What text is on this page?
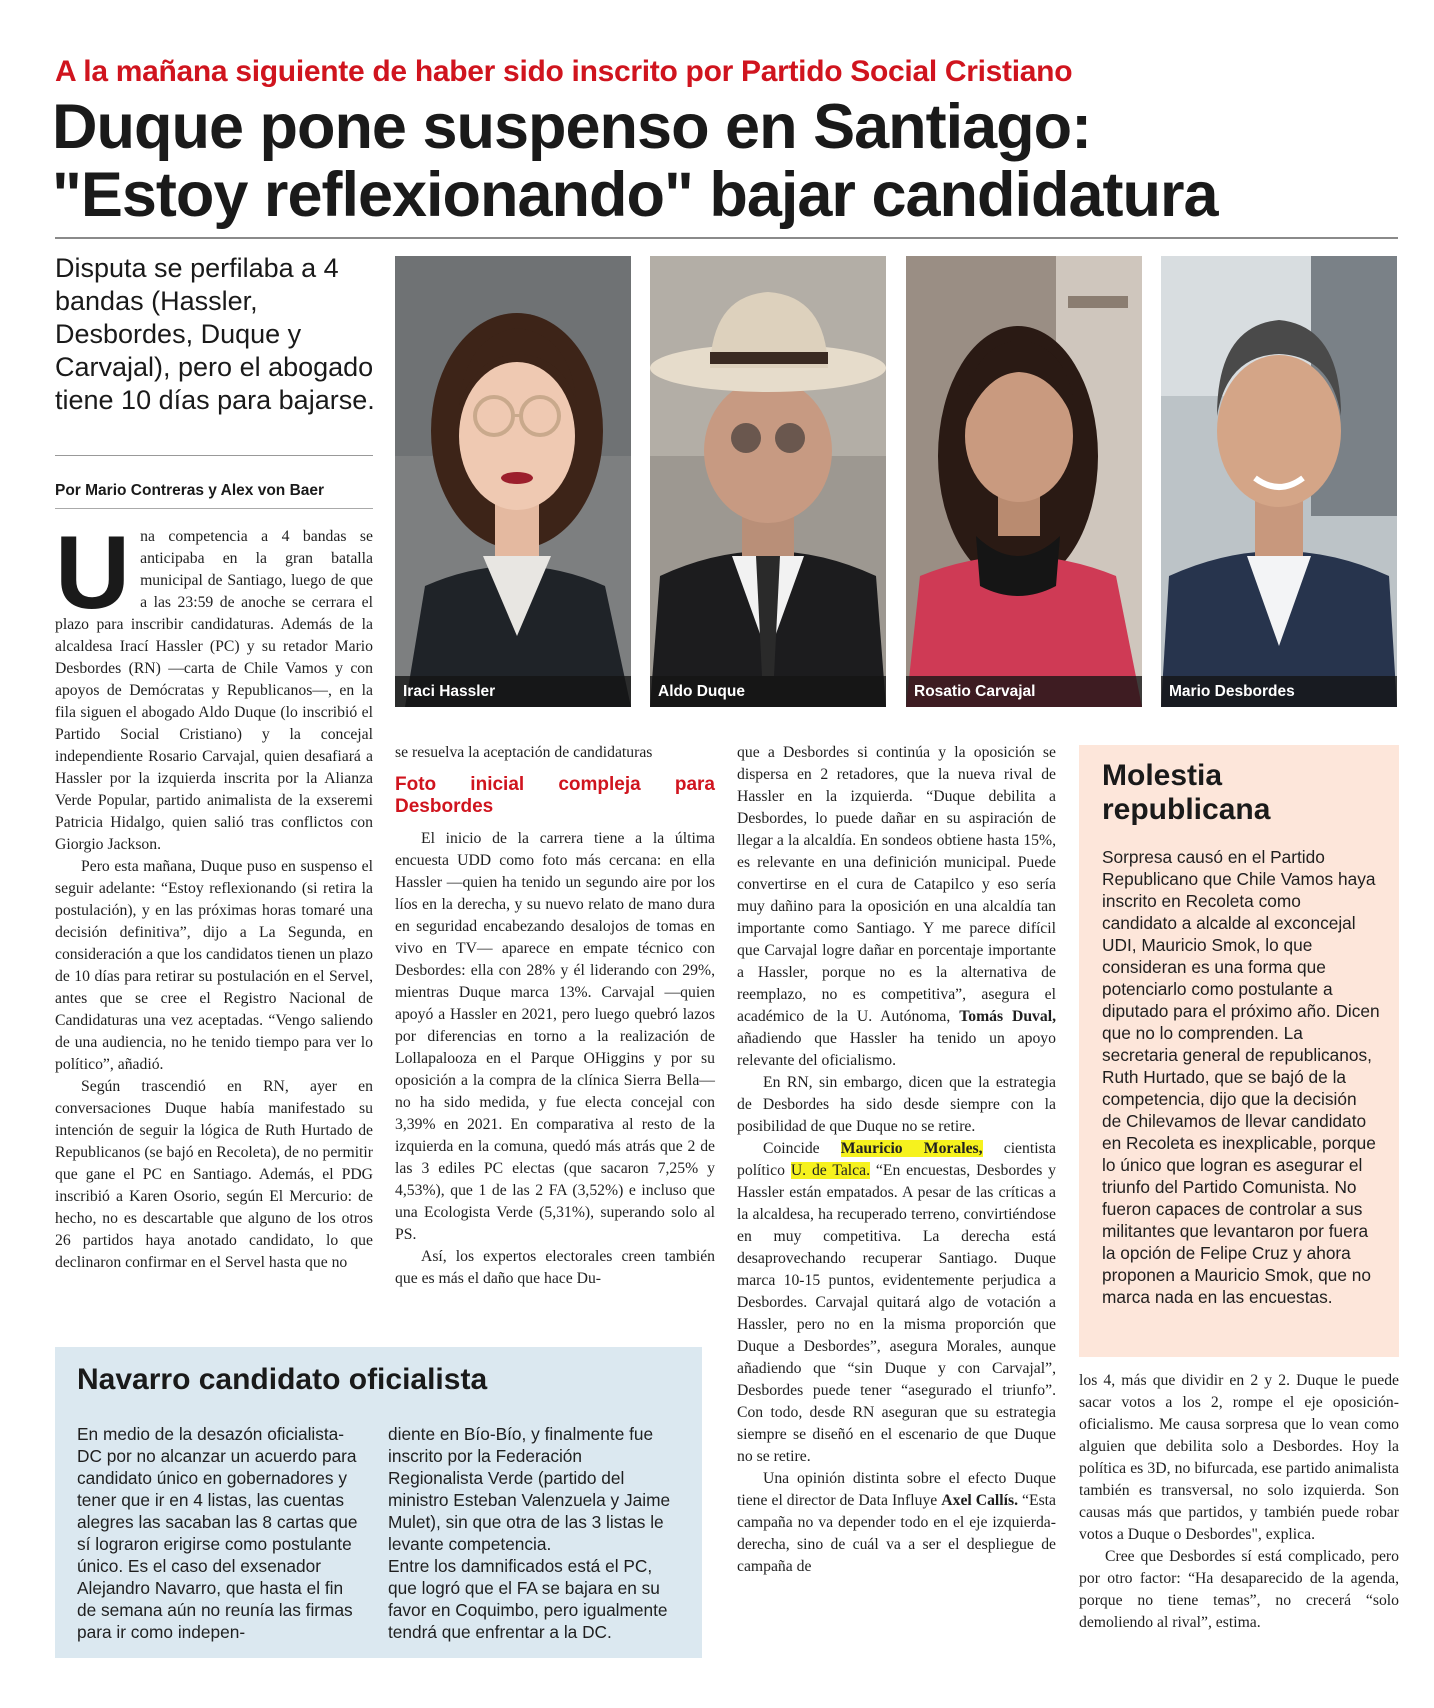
A la mañana siguiente de haber sido inscrito por Partido Social Cristiano
Duque pone suspenso en Santiago:
"Estoy reflexionando" bajar candidatura
Disputa se perfilaba a 4 bandas (Hassler, Desbordes, Duque y Carvajal), pero el abogado tiene 10 días para bajarse.
Por Mario Contreras y Alex von Baer
Iraci Hassler	Aldo Duque	Rosatio Carvajal	Mario Desbordes

Una competencia a 4 bandas se anticipaba en la gran batalla municipal de Santiago, luego de que a las 23:59 de anoche se cerrara el plazo para inscribir candidaturas. Además de la alcaldesa Irací Hassler (PC) y su retador Mario Desbordes (RN) —carta de Chile Vamos y con apoyos de Demócratas y Republicanos—, en la fila siguen el abogado Aldo Duque (lo inscribió el Partido Social Cristiano) y la concejal independiente Rosario Carvajal, quien desafiará a Hassler por la izquierda inscrita por la Alianza Verde Popular, partido animalista de la exseremi Patricia Hidalgo, quien salió tras conflictos con Giorgio Jackson.

Pero esta mañana, Duque puso en suspenso el seguir adelante: “Estoy reflexionando (si retira la postulación), y en las próximas horas tomaré una decisión definitiva”, dijo a La Segunda, en consideración a que los candidatos tienen un plazo de 10 días para retirar su postulación en el Servel, antes que se cree el Registro Nacional de Candidaturas una vez aceptadas. “Vengo saliendo de una audiencia, no he tenido tiempo para ver lo político”, añadió.

Según trascendió en RN, ayer en conversaciones Duque había manifestado su intención de seguir la lógica de Ruth Hurtado de Republicanos (se bajó en Recoleta), de no permitir que gane el PC en Santiago. Además, el PDG inscribió a Karen Osorio, según El Mercurio: de hecho, no es descartable que alguno de los otros 26 partidos haya anotado candidato, lo que declinaron confirmar en el Servel hasta que no

se resuelva la aceptación de candidaturas

Foto inicial compleja para Desbordes

El inicio de la carrera tiene a la última encuesta UDD como foto más cercana: en ella Hassler —quien ha tenido un segundo aire por los líos en la derecha, y su nuevo relato de mano dura en seguridad encabezando desalojos de tomas en vivo en TV— aparece en empate técnico con Desbordes: ella con 28% y él liderando con 29%, mientras Duque marca 13%. Carvajal —quien apoyó a Hassler en 2021, pero luego quebró lazos por diferencias en torno a la realización de Lollapalooza en el Parque OHiggins y por su oposición a la compra de la clínica Sierra Bella— no ha sido medida, y fue electa concejal con 3,39% en 2021. En comparativa al resto de la izquierda en la comuna, quedó más atrás que 2 de las 3 ediles PC electas (que sacaron 7,25% y 4,53%), que 1 de las 2 FA (3,52%) e incluso que una Ecologista Verde (5,31%), superando solo al PS.

Así, los expertos electorales creen también que es más el daño que hace Du-

que a Desbordes si continúa y la oposición se dispersa en 2 retadores, que la nueva rival de Hassler en la izquierda. “Duque debilita a Desbordes, lo puede dañar en su aspiración de llegar a la alcaldía. En sondeos obtiene hasta 15%, es relevante en una definición municipal. Puede convertirse en el cura de Catapilco y eso sería muy dañino para la oposición en una alcaldía tan importante como Santiago. Y me parece difícil que Carvajal logre dañar en porcentaje importante a Hassler, porque no es la alternativa de reemplazo, no es competitiva”, asegura el académico de la U. Autónoma, Tomás Duval, añadiendo que Hassler ha tenido un apoyo relevante del oficialismo.

En RN, sin embargo, dicen que la estrategia de Desbordes ha sido desde siempre con la posibilidad de que Duque no se retire.

Coincide Mauricio Morales, cientista político U. de Talca. “En encuestas, Desbordes y Hassler están empatados. A pesar de las críticas a la alcaldesa, ha recuperado terreno, convirtiéndose en muy competitiva. La derecha está desaprovechando recuperar Santiago. Duque marca 10-15 puntos, evidentemente perjudica a Desbordes. Carvajal quitará algo de votación a Hassler, pero no en la misma proporción que Duque a Desbordes”, asegura Morales, aunque añadiendo que “sin Duque y con Carvajal”, Desbordes puede tener “asegurado el triunfo”. Con todo, desde RN aseguran que su estrategia siempre se diseñó en el escenario de que Duque no se retire.

Una opinión distinta sobre el efecto Duque tiene el director de Data Influye Axel Callís. “Esta campaña no va depender todo en el eje izquierda-derecha, sino de cuál va a ser el despliegue de campaña de

los 4, más que dividir en 2 y 2. Duque le puede sacar votos a los 2, rompe el eje oposición-oficialismo. Me causa sorpresa que lo vean como alguien que debilita solo a Desbordes. Hoy la política es 3D, no bifurcada, ese partido animalista también es transversal, no solo izquierda. Son causas más que partidos, y también puede robar votos a Duque o Desbordes", explica.

Cree que Desbordes sí está complicado, pero por otro factor: “Ha desaparecido de la agenda, porque no tiene temas”, no crecerá “solo demoliendo al rival”, estima.

Molestia republicana
Sorpresa causó en el Partido Republicano que Chile Vamos haya inscrito en Recoleta como candidato a alcalde al exconcejal UDI, Mauricio Smok, lo que consideran es una forma que potenciarlo como postulante a diputado para el próximo año. Dicen que no lo comprenden. La secretaria general de republicanos, Ruth Hurtado, que se bajó de la competencia, dijo que la decisión de Chilevamos de llevar candidato en Recoleta es inexplicable, porque lo único que logran es asegurar el triunfo del Partido Comunista. No fueron capaces de controlar a sus militantes que levantaron por fuera la opción de Felipe Cruz y ahora proponen a Mauricio Smok, que no marca nada en las encuestas.
Navarro candidato oficialista
En medio de la desazón oficialista-DC por no alcanzar un acuerdo para candidato único en gobernadores y tener que ir en 4 listas, las cuentas alegres las sacaban las 8 cartas que sí lograron erigirse como postulante único. Es el caso del exsenador Alejandro Navarro, que hasta el fin de semana aún no reunía las firmas para ir como indepen-
diente en Bío-Bío, y finalmente fue inscrito por la Federación Regionalista Verde (partido del ministro Esteban Valenzuela y Jaime Mulet), sin que otra de las 3 listas le levante competencia.
Entre los damnificados está el PC, que logró que el FA se bajara en su favor en Coquimbo, pero igualmente tendrá que enfrentar a la DC.
